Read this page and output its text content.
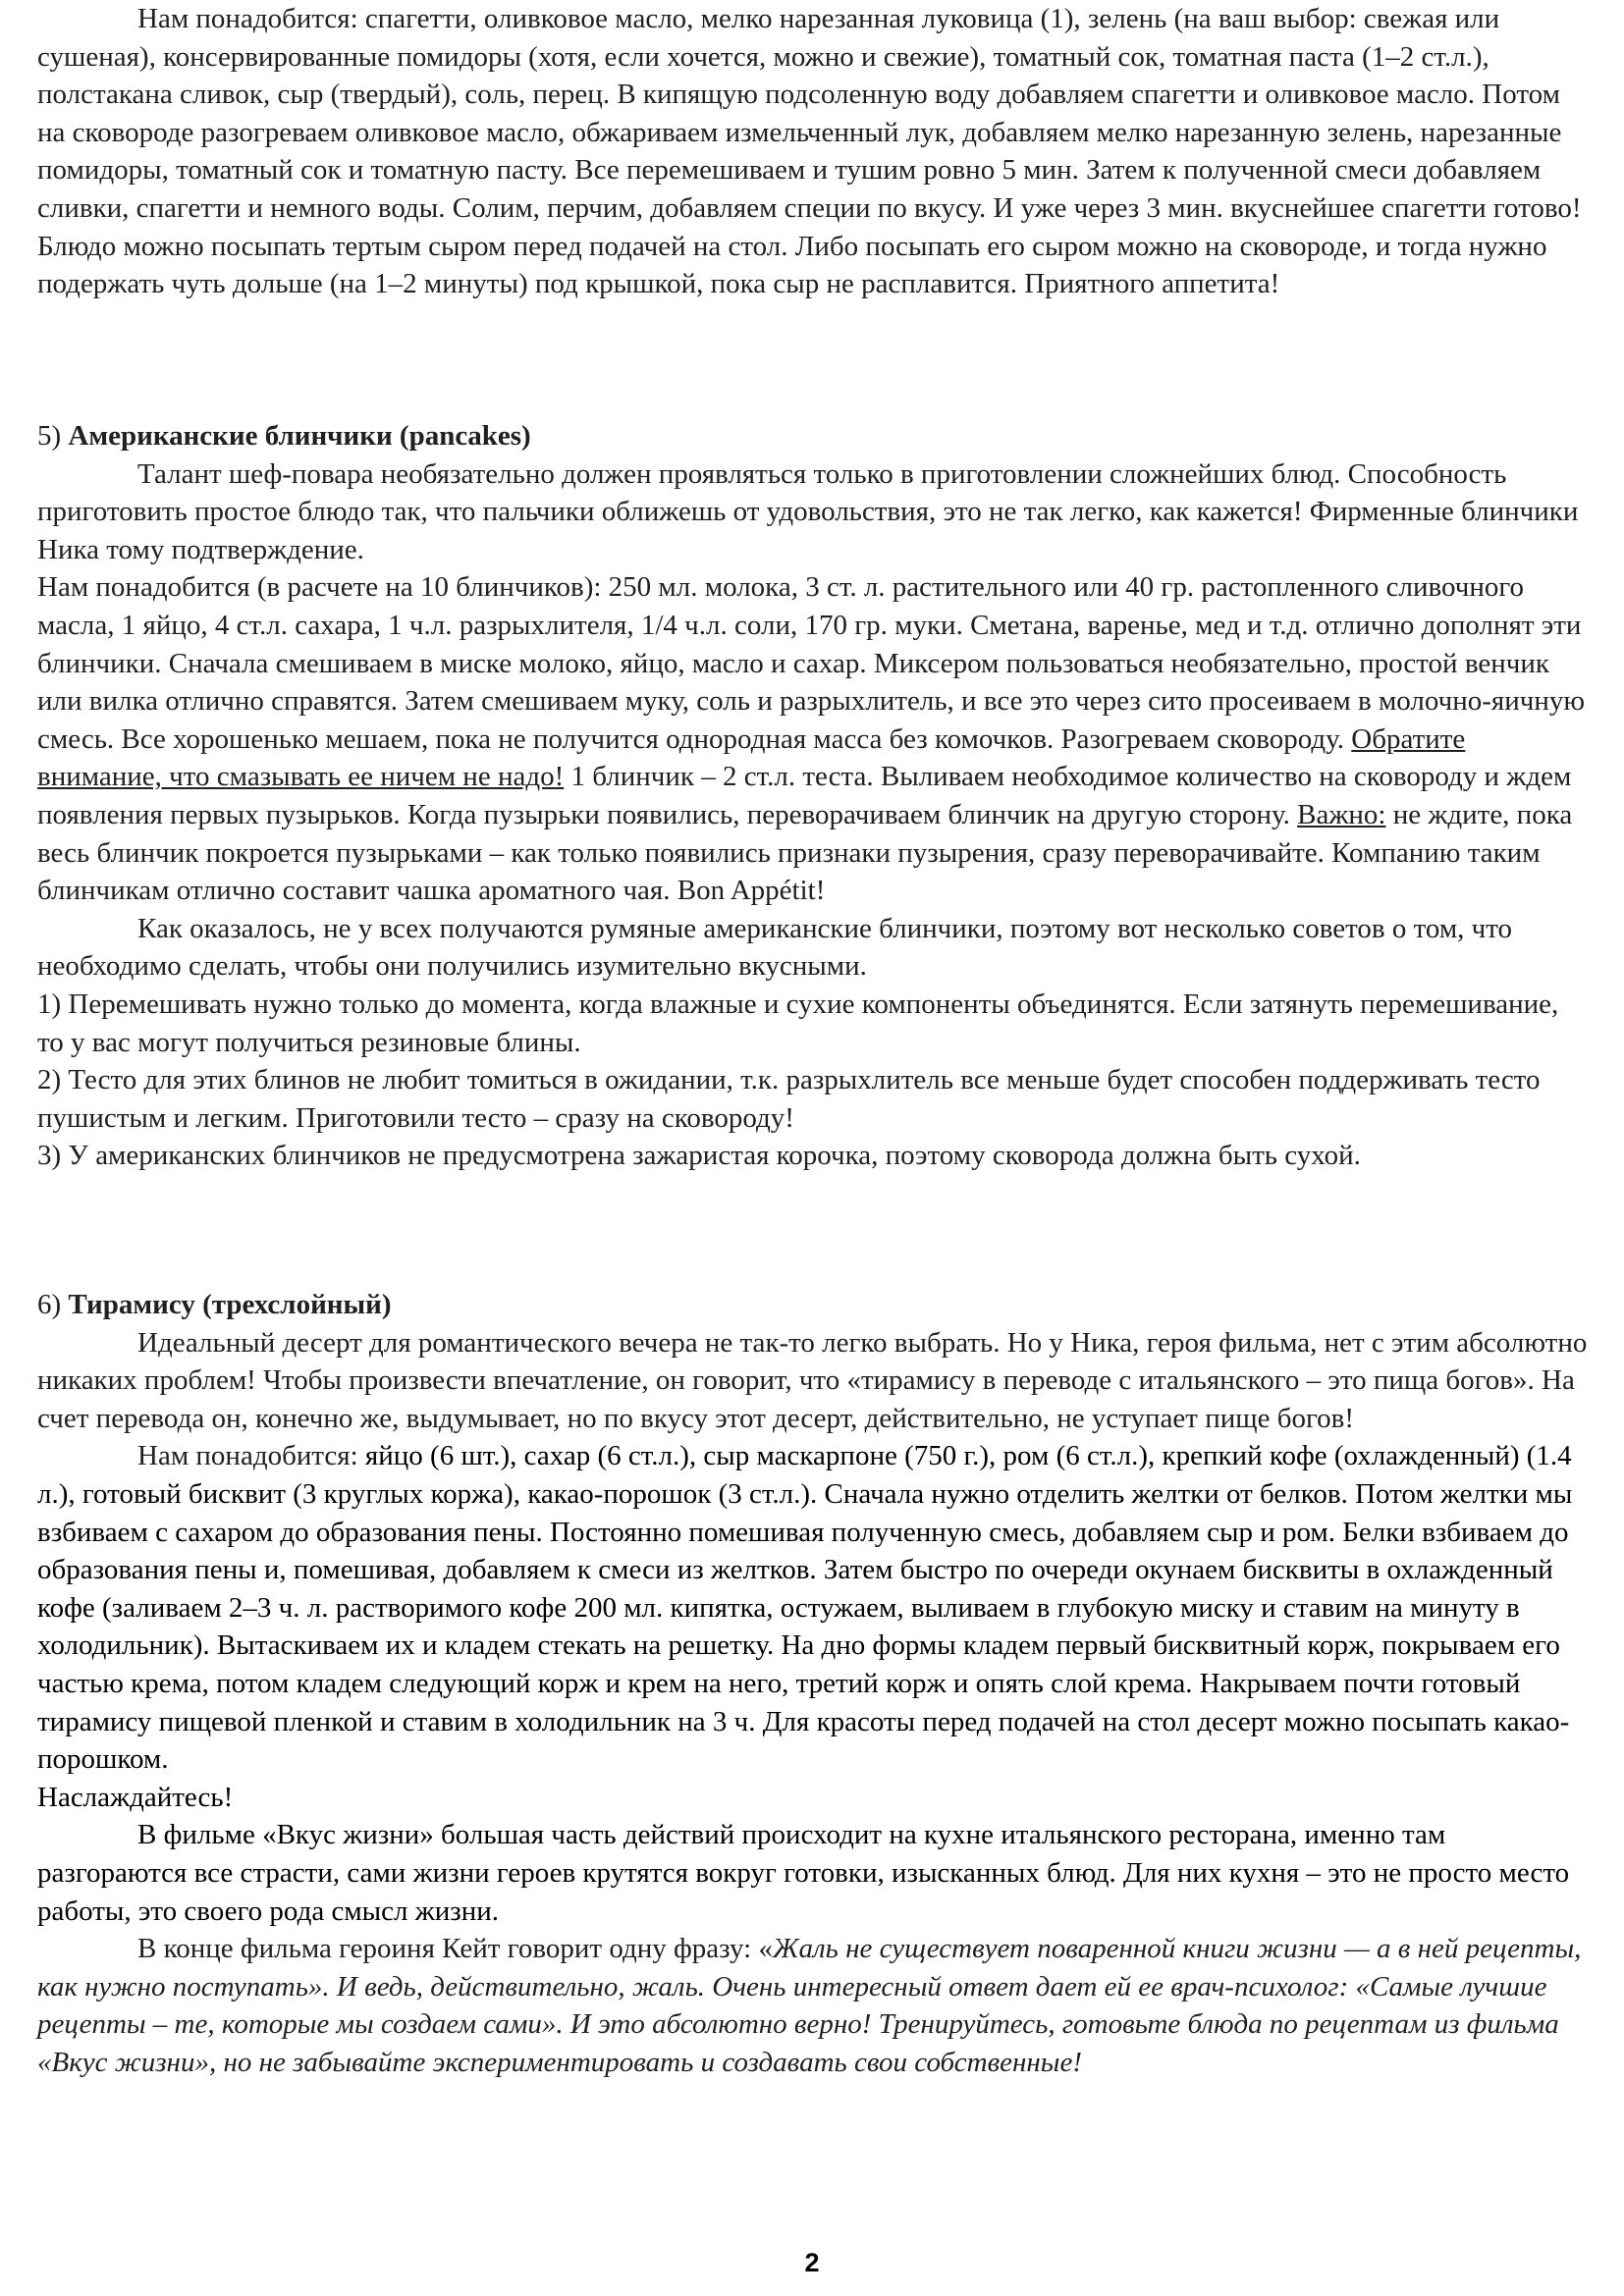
Нам понадобится: спагетти, оливковое масло, мелко нарезанная луковица (1), зелень (на ваш выбор: свежая или сушеная), консервированные помидоры (хотя, если хочется, можно и свежие), томатный сок, томатная паста (1–2 ст.л.), полстакана сливок, сыр (твердый), соль, перец. В кипящую подсоленную воду добавляем спагетти и оливковое масло. Потом на сковороде разогреваем оливковое масло, обжариваем измельченный лук, добавляем мелко нарезанную зелень, нарезанные помидоры, томатный сок и томатную пасту. Все перемешиваем и тушим ровно 5 мин. Затем к полученной смеси добавляем сливки, спагетти и немного воды. Солим, перчим, добавляем специи по вкусу. И уже через 3 мин. вкуснейшее спагетти готово! Блюдо можно посыпать тертым сыром перед подачей на стол. Либо посыпать его сыром можно на сковороде, и тогда нужно подержать чуть дольше (на 1–2 минуты) под крышкой, пока сыр не расплавится. Приятного аппетита!

5) Американские блинчики (pancakes)

Талант шеф-повара необязательно должен проявляться только в приготовлении сложнейших блюд. Способность приготовить простое блюдо так, что пальчики оближешь от удовольствия, это не так легко, как кажется! Фирменные блинчики Ника тому подтверждение.

Нам понадобится (в расчете на 10 блинчиков): 250 мл. молока, 3 ст. л. растительного или 40 гр. растопленного сливочного масла, 1 яйцо, 4 ст.л. сахара, 1 ч.л. разрыхлителя, 1/4 ч.л. соли, 170 гр. муки. Сметана, варенье, мед и т.д. отлично дополнят эти блинчики. Сначала смешиваем в миске молоко, яйцо, масло и сахар. Миксером пользоваться необязательно, простой венчик или вилка отлично справятся. Затем смешиваем муку, соль и разрыхлитель, и все это через сито просеиваем в молочно-яичную смесь. Все хорошенько мешаем, пока не получится однородная масса без комочков. Разогреваем сковороду. Обратите внимание, что смазывать ее ничем не надо! 1 блинчик – 2 ст.л. теста. Выливаем необходимое количество на сковороду и ждем появления первых пузырьков. Когда пузырьки появились, переворачиваем блинчик на другую сторону. Важно: не ждите, пока весь блинчик покроется пузырьками – как только появились признаки пузырения, сразу переворачивайте. Компанию таким блинчикам отлично составит чашка ароматного чая. Bon Appétit!

Как оказалось, не у всех получаются румяные американские блинчики, поэтому вот несколько советов о том, что необходимо сделать, чтобы они получились изумительно вкусными.

1) Перемешивать нужно только до момента, когда влажные и сухие компоненты объединятся. Если затянуть перемешивание, то у вас могут получиться резиновые блины.

2) Тесто для этих блинов не любит томиться в ожидании, т.к. разрыхлитель все меньше будет способен поддерживать тесто пушистым и легким. Приготовили тесто – сразу на сковороду!

3) У американских блинчиков не предусмотрена зажаристая корочка, поэтому сковорода должна быть сухой.

6) Тирамису (трехслойный)

Идеальный десерт для романтического вечера не так-то легко выбрать. Но у Ника, героя фильма, нет с этим абсолютно никаких проблем! Чтобы произвести впечатление, он говорит, что «тирамису в переводе с итальянского – это пища богов». На счет перевода он, конечно же, выдумывает, но по вкусу этот десерт, действительно, не уступает пище богов!

Нам понадобится: яйцо (6 шт.), сахар (6 ст.л.), сыр маскарпоне (750 г.), ром (6 ст.л.), крепкий кофе (охлажденный) (1.4 л.), готовый бисквит (3 круглых коржа), какао-порошок (3 ст.л.). Сначала нужно отделить желтки от белков. Потом желтки мы взбиваем с сахаром до образования пены. Постоянно помешивая полученную смесь, добавляем сыр и ром. Белки взбиваем до образования пены и, помешивая, добавляем к смеси из желтков. Затем быстро по очереди окунаем бисквиты в охлажденный кофе (заливаем 2–3 ч. л. растворимого кофе 200 мл. кипятка, остужаем, выливаем в глубокую миску и ставим на минуту в холодильник). Вытаскиваем их и кладем стекать на решетку. На дно формы кладем первый бисквитный корж, покрываем его частью крема, потом кладем следующий корж и крем на него, третий корж и опять слой крема. Накрываем почти готовый тирамису пищевой пленкой и ставим в холодильник на 3 ч. Для красоты перед подачей на стол десерт можно посыпать какао-порошком.

Наслаждайтесь!

В фильме «Вкус жизни» большая часть действий происходит на кухне итальянского ресторана, именно там разгораются все страсти, сами жизни героев крутятся вокруг готовки, изысканных блюд. Для них кухня – это не просто место работы, это своего рода смысл жизни.

В конце фильма героиня Кейт говорит одну фразу: «Жаль не существует поваренной книги жизни — а в ней рецепты, как нужно поступать». И ведь, действительно, жаль. Очень интересный ответ дает ей ее врач-психолог: «Самые лучшие рецепты – те, которые мы создаем сами». И это абсолютно верно! Тренируйтесь, готовьте блюда по рецептам из фильма «Вкус жизни», но не забывайте экспериментировать и создавать свои собственные!

2
